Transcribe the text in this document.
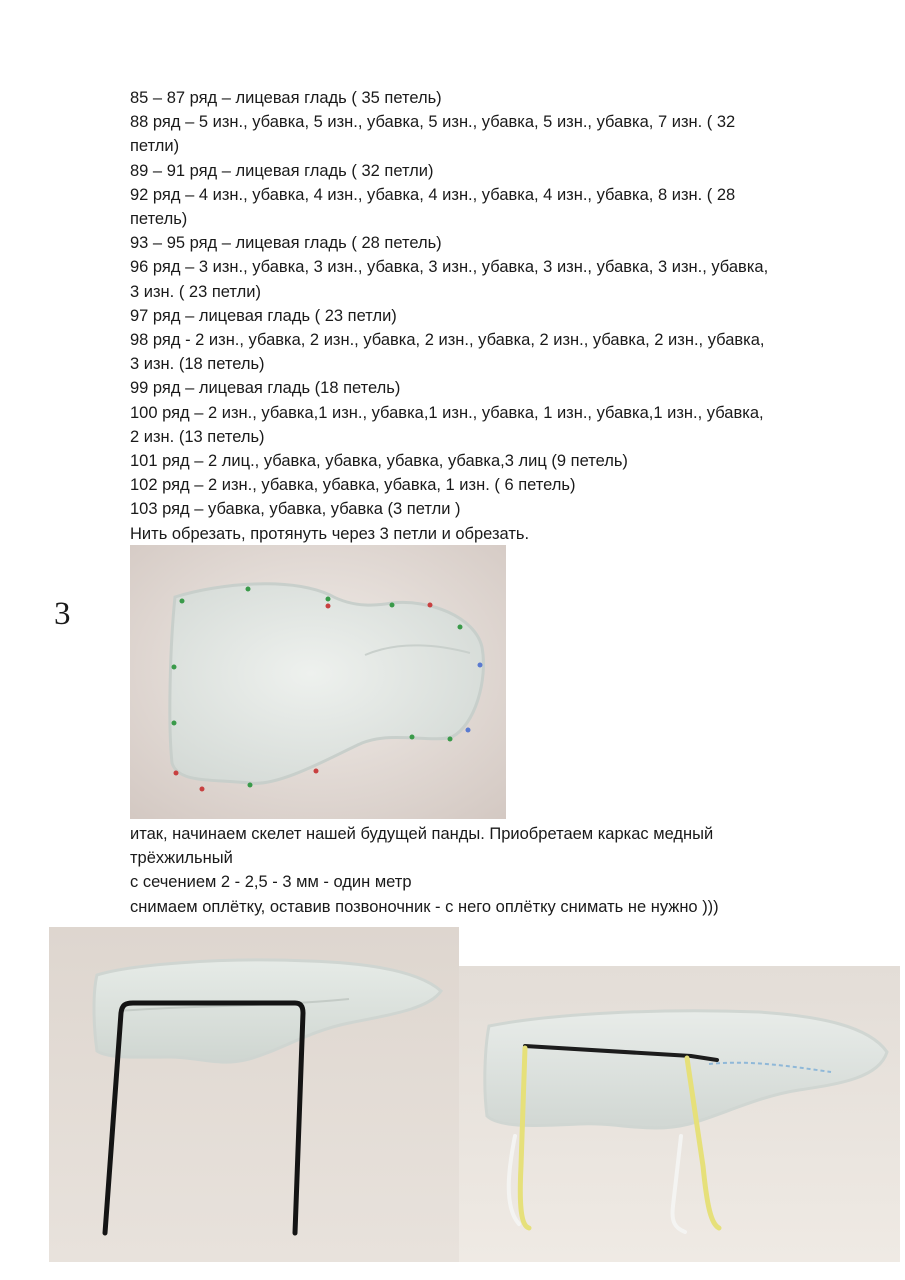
85 – 87 ряд – лицевая гладь ( 35 петель)
88 ряд – 5 изн., убавка, 5 изн., убавка, 5 изн., убавка, 5 изн., убавка, 7 изн. ( 32
петли)
89 – 91 ряд – лицевая гладь ( 32 петли)
92 ряд – 4 изн., убавка, 4 изн., убавка, 4 изн., убавка, 4 изн., убавка, 8 изн. ( 28
петель)
93 – 95 ряд – лицевая гладь ( 28 петель)
96 ряд – 3 изн., убавка, 3 изн., убавка, 3 изн., убавка, 3 изн., убавка, 3 изн., убавка,
3 изн. ( 23 петли)
97 ряд – лицевая гладь ( 23 петли)
98 ряд - 2 изн., убавка, 2 изн., убавка, 2 изн., убавка, 2 изн., убавка, 2 изн., убавка,
3 изн. (18 петель)
99 ряд – лицевая гладь (18 петель)
100 ряд – 2 изн., убавка,1 изн., убавка,1 изн., убавка, 1 изн., убавка,1 изн., убавка,
2 изн. (13 петель)
101 ряд – 2 лиц., убавка, убавка, убавка, убавка,3 лиц (9 петель)
102 ряд – 2 изн., убавка, убавка, убавка, 1 изн. ( 6 петель)
103 ряд – убавка, убавка, убавка (3 петли )
Нить обрезать, протянуть через 3 петли и обрезать.
3
итак, начинаем скелет нашей будущей панды. Приобретаем каркас медный
трёхжильный
с сечением 2 - 2,5 - 3 мм - один метр
снимаем оплётку, оставив позвоночник - с него оплётку снимать не нужно )))
